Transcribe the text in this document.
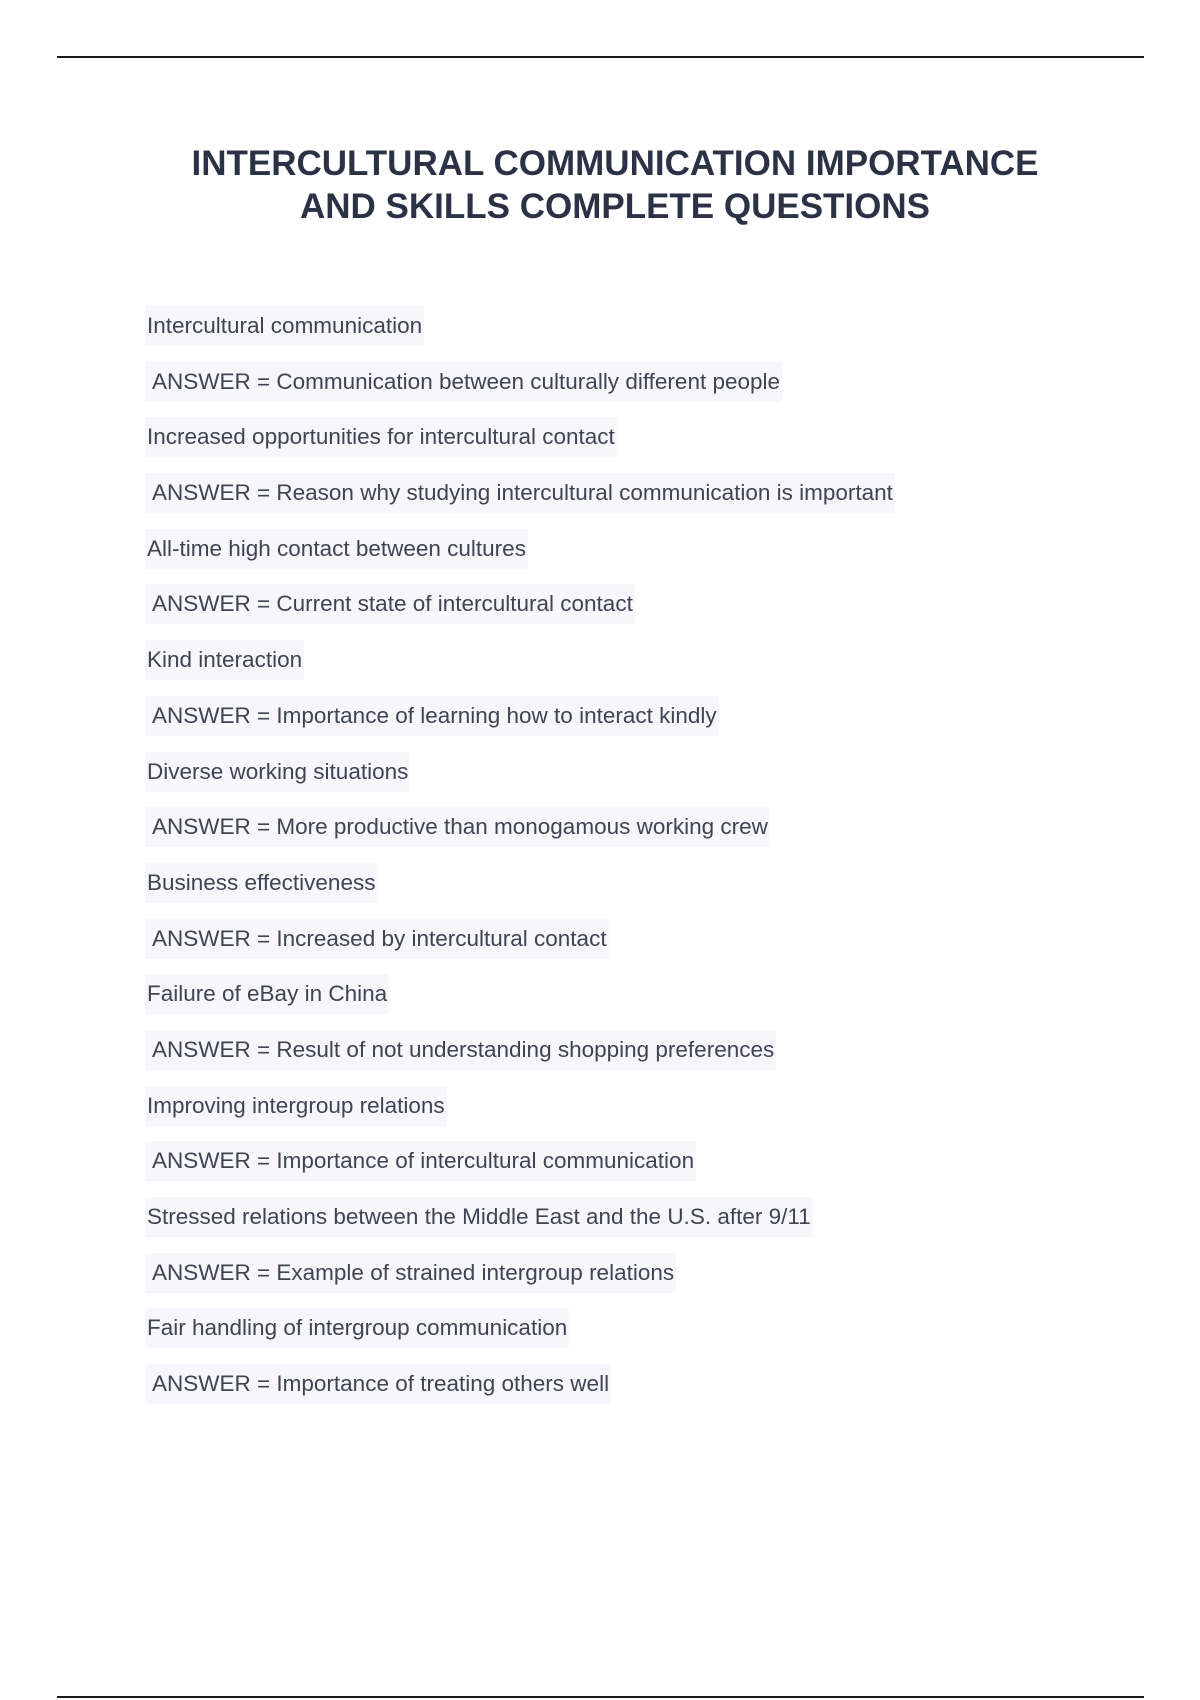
INTERCULTURAL COMMUNICATION IMPORTANCE
AND SKILLS COMPLETE QUESTIONS
Intercultural communication
ANSWER = Communication between culturally different people
Increased opportunities for intercultural contact
ANSWER = Reason why studying intercultural communication is important
All-time high contact between cultures
ANSWER = Current state of intercultural contact
Kind interaction
ANSWER = Importance of learning how to interact kindly
Diverse working situations
ANSWER = More productive than monogamous working crew
Business effectiveness
ANSWER = Increased by intercultural contact
Failure of eBay in China
ANSWER = Result of not understanding shopping preferences
Improving intergroup relations
ANSWER = Importance of intercultural communication
Stressed relations between the Middle East and the U.S. after 9/11
ANSWER = Example of strained intergroup relations
Fair handling of intergroup communication
ANSWER = Importance of treating others well
